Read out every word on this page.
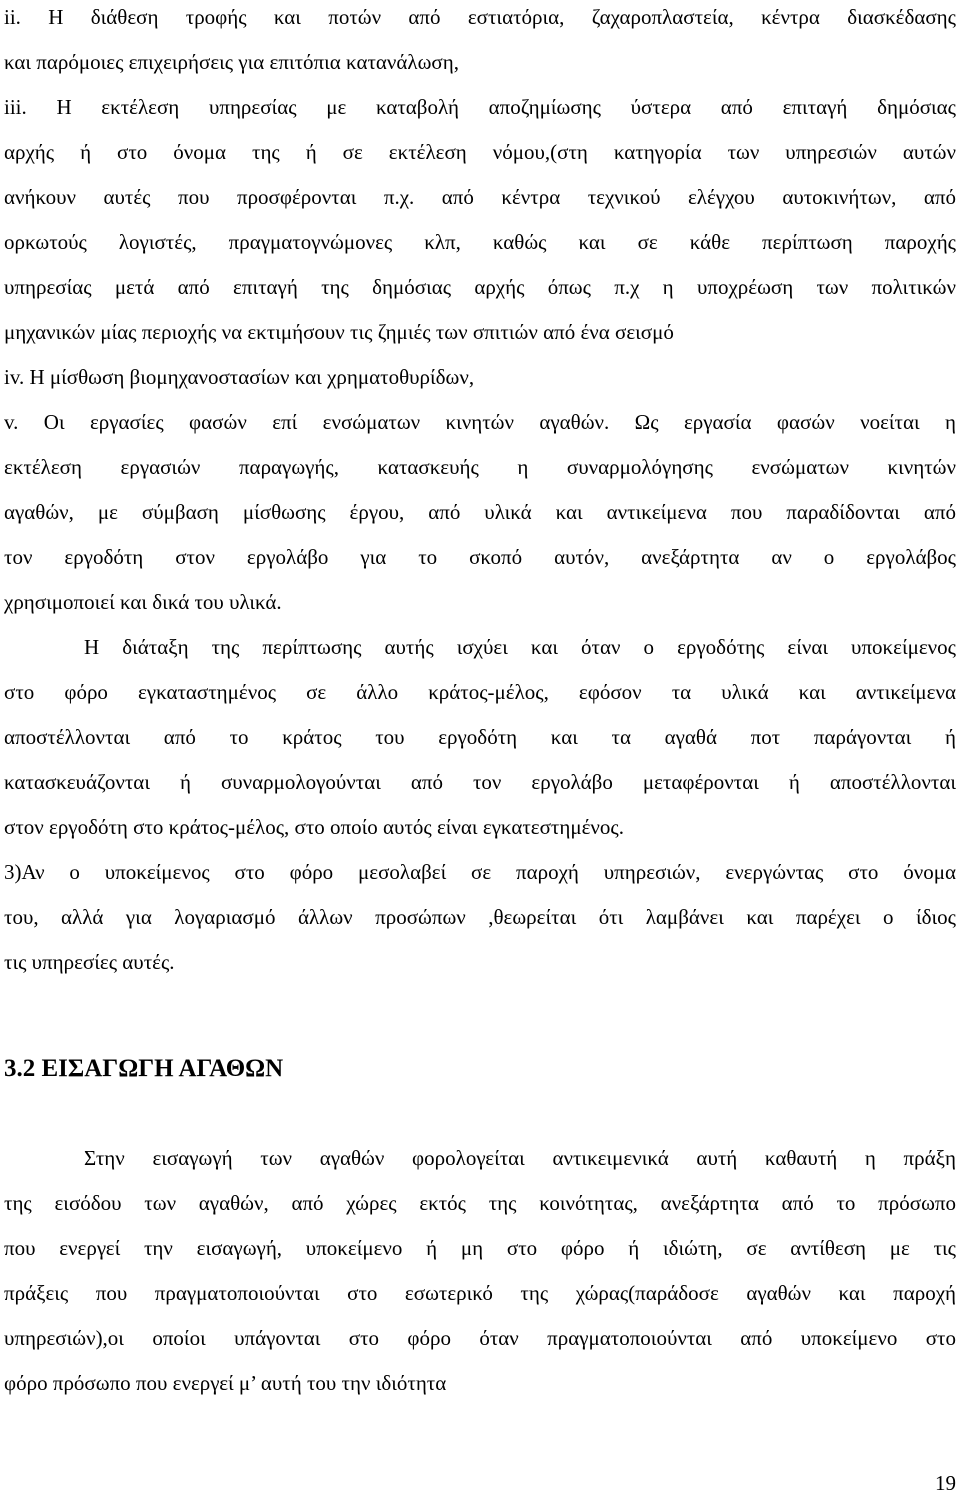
ii. Η διάθεση τροφής και ποτών από εστιατόρια, ζαχαροπλαστεία, κέντρα διασκέδασης
και παρόμοιες επιχειρήσεις για επιτόπια κατανάλωση,
iii. Η εκτέλεση υπηρεσίας με καταβολή αποζημίωσης ύστερα από επιταγή δημόσιας
αρχής ή στο όνομα της ή σε εκτέλεση νόμου,(στη κατηγορία των υπηρεσιών αυτών
ανήκουν αυτές που προσφέρονται π.χ. από κέντρα τεχνικού ελέγχου αυτοκινήτων, από
ορκωτούς λογιστές, πραγματογνώμονες κλπ, καθώς και σε κάθε περίπτωση παροχής
υπηρεσίας μετά από επιταγή της δημόσιας αρχής όπως π.χ η υποχρέωση των πολιτικών
μηχανικών μίας περιοχής να εκτιμήσουν τις ζημιές των σπιτιών από ένα σεισμό
iv. Η μίσθωση βιομηχανοστασίων και χρηματοθυρίδων,
v. Οι εργασίες φασών επί ενσώματων κινητών αγαθών. Ως εργασία φασών νοείται η
εκτέλεση εργασιών παραγωγής, κατασκευής η συναρμολόγησης ενσώματων κινητών
αγαθών, με σύμβαση μίσθωσης έργου, από υλικά και αντικείμενα που παραδίδονται από
τον εργοδότη στον εργολάβο για το σκοπό αυτόν, ανεξάρτητα αν ο εργολάβος
χρησιμοποιεί και δικά του υλικά.
Η διάταξη της περίπτωσης αυτής ισχύει και όταν ο εργοδότης είναι υποκείμενος
στο φόρο εγκαταστημένος σε άλλο κράτος-μέλος, εφόσον τα υλικά και αντικείμενα
αποστέλλονται από το κράτος του εργοδότη και τα αγαθά ποτ παράγονται ή
κατασκευάζονται ή συναρμολογούνται από τον εργολάβο μεταφέρονται ή αποστέλλονται
στον εργοδότη στο κράτος-μέλος, στο οποίο αυτός είναι εγκατεστημένος.
3)Αν ο υποκείμενος στο φόρο μεσολαβεί σε παροχή υπηρεσιών, ενεργώντας στο όνομα
του, αλλά για λογαριασμό άλλων προσώπων ,θεωρείται ότι λαμβάνει και παρέχει ο ίδιος
τις υπηρεσίες αυτές.
3.2 ΕΙΣΑΓΩΓΗ ΑΓΑΘΩΝ
Στην εισαγωγή των αγαθών φορολογείται αντικειμενικά αυτή καθαυτή η πράξη
της εισόδου των αγαθών, από χώρες εκτός της κοινότητας, ανεξάρτητα από το πρόσωπο
που ενεργεί την εισαγωγή, υποκείμενο ή μη στο φόρο ή ιδιώτη, σε αντίθεση με τις
πράξεις που πραγματοποιούνται στο εσωτερικό της χώρας(παράδοσε αγαθών και παροχή
υπηρεσιών),οι οποίοι υπάγονται στο φόρο όταν πραγματοποιούνται από υποκείμενο στο
φόρο πρόσωπο που ενεργεί μ’ αυτή του την ιδιότητα
19
